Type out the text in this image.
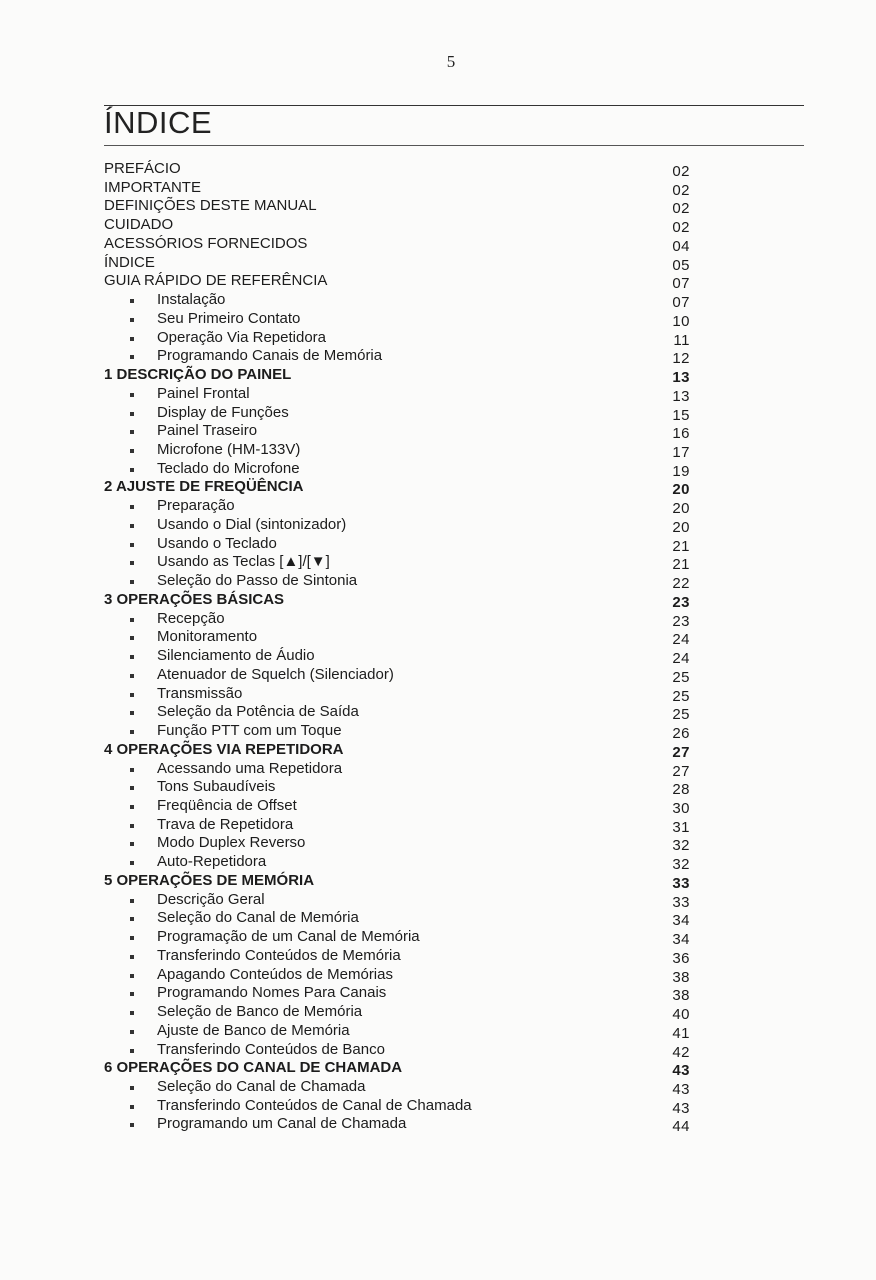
5
ÍNDICE
PREFÁCIO	02
IMPORTANTE	02
DEFINIÇÕES DESTE MANUAL	02
CUIDADO	02
ACESSÓRIOS FORNECIDOS	04
ÍNDICE	05
GUIA RÁPIDO DE REFERÊNCIA	07
Instalação	07
Seu Primeiro Contato	10
Operação Via Repetidora	11
Programando Canais de Memória	12
1 DESCRIÇÃO DO PAINEL	13
Painel Frontal	13
Display de Funções	15
Painel Traseiro	16
Microfone (HM-133V)	17
Teclado do Microfone	19
2 AJUSTE DE FREQÜÊNCIA	20
Preparação	20
Usando o Dial (sintonizador)	20
Usando o Teclado	21
Usando as Teclas [▲]/[▼]	21
Seleção do Passo de Sintonia	22
3 OPERAÇÕES BÁSICAS	23
Recepção	23
Monitoramento	24
Silenciamento de Áudio	24
Atenuador de Squelch (Silenciador)	25
Transmissão	25
Seleção da Potência de Saída	25
Função PTT com um Toque	26
4 OPERAÇÕES VIA REPETIDORA	27
Acessando uma Repetidora	27
Tons Subaudíveis	28
Freqüência de Offset	30
Trava de Repetidora	31
Modo Duplex Reverso	32
Auto-Repetidora	32
5 OPERAÇÕES DE MEMÓRIA	33
Descrição Geral	33
Seleção do Canal de Memória	34
Programação de um Canal de Memória	34
Transferindo Conteúdos de Memória	36
Apagando Conteúdos de Memórias	38
Programando Nomes Para Canais	38
Seleção de Banco de Memória	40
Ajuste de Banco de Memória	41
Transferindo Conteúdos de Banco	42
6 OPERAÇÕES DO CANAL DE CHAMADA	43
Seleção do Canal de Chamada	43
Transferindo Conteúdos de Canal de Chamada	43
Programando um Canal de Chamada	44
